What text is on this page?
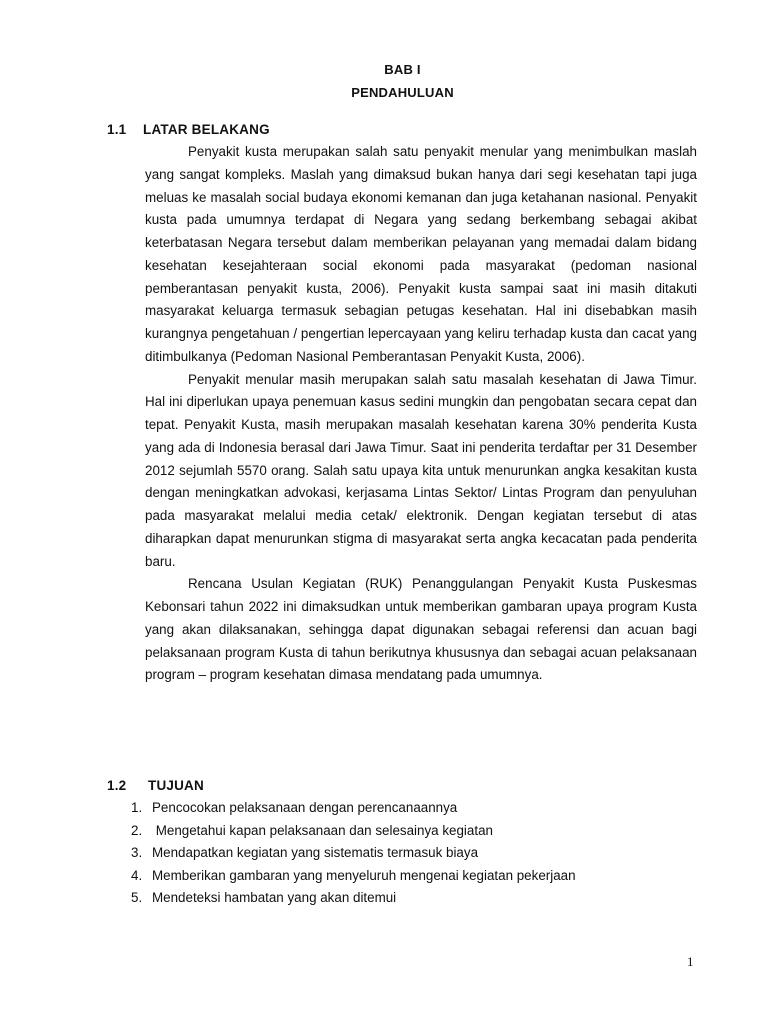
BAB I
PENDAHULUAN
1.1 LATAR BELAKANG

Penyakit kusta merupakan salah satu penyakit menular yang menimbulkan maslah yang sangat kompleks. Maslah yang dimaksud bukan hanya dari segi kesehatan tapi juga meluas ke masalah social budaya ekonomi kemanan dan juga ketahanan nasional. Penyakit kusta pada umumnya terdapat di Negara yang sedang berkembang sebagai akibat keterbatasan Negara tersebut dalam memberikan pelayanan yang memadai dalam bidang kesehatan kesejahteraan social ekonomi pada masyarakat (pedoman nasional pemberantasan penyakit kusta, 2006). Penyakit kusta sampai saat ini masih ditakuti masyarakat keluarga termasuk sebagian petugas kesehatan. Hal ini disebabkan masih kurangnya pengetahuan / pengertian lepercayaan yang keliru terhadap kusta dan cacat yang ditimbulkanya (Pedoman Nasional Pemberantasan Penyakit Kusta, 2006).

Penyakit menular masih merupakan salah satu masalah kesehatan di Jawa Timur. Hal ini diperlukan upaya penemuan kasus sedini mungkin dan pengobatan secara cepat dan tepat. Penyakit Kusta, masih merupakan masalah kesehatan karena 30% penderita Kusta yang ada di Indonesia berasal dari Jawa Timur. Saat ini penderita terdaftar per 31 Desember 2012 sejumlah 5570 orang. Salah satu upaya kita untuk menurunkan angka kesakitan kusta dengan meningkatkan advokasi, kerjasama Lintas Sektor/ Lintas Program dan penyuluhan pada masyarakat melalui media cetak/ elektronik. Dengan kegiatan tersebut di atas diharapkan dapat menurunkan stigma di masyarakat serta angka kecacatan pada penderita baru.

Rencana Usulan Kegiatan (RUK) Penanggulangan Penyakit Kusta Puskesmas Kebonsari tahun 2022 ini dimaksudkan untuk memberikan gambaran upaya program Kusta yang akan dilaksanakan, sehingga dapat digunakan sebagai referensi dan acuan bagi pelaksanaan program Kusta di tahun berikutnya khususnya dan sebagai acuan pelaksanaan program – program kesehatan dimasa mendatang pada umumnya.

1.2 TUJUAN
1. Pencocokan pelaksanaan dengan perencanaannya
2. Mengetahui kapan pelaksanaan dan selesainya kegiatan
3. Mendapatkan kegiatan yang sistematis termasuk biaya
4. Memberikan gambaran yang menyeluruh mengenai kegiatan pekerjaan
5. Mendeteksi hambatan yang akan ditemui
1
